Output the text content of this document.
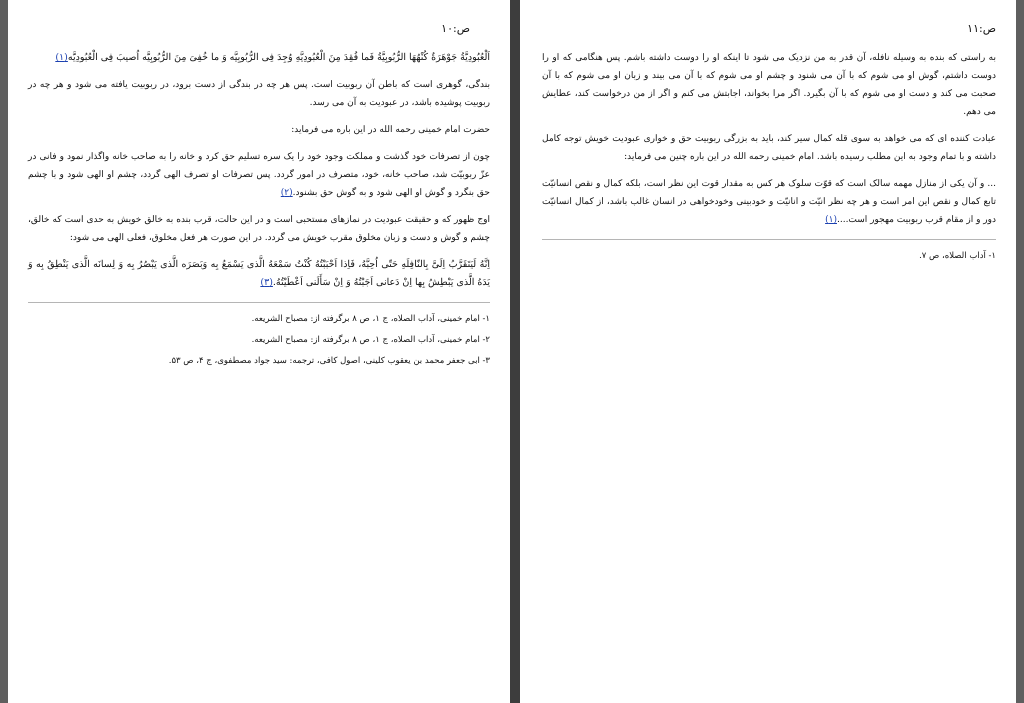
ص:۱۰

اَلْعُبُودِيَّةُ جَوْهَرَةٌ كُنْهُهَا الرُّبُوبِيَّةُ فَما فُقِدَ مِنَ الْعُبُودِيَّهِ وُجِدَ فِى الرُّبُوبِيَّه وَ ما خُفِىَ مِنَ الرُّبُوبِيَّه اُصيبَ فِى الْعُبُودِيَّه(۱)

بندگی، گوهری است که باطن آن ربوبیت است. پس هر چه در بندگی از دست برود، در ربوبیت یافته می شود و هر چه در ربوبیت پوشیده باشد، در عبودیت به آن می رسد.

حضرت امام خمینی رحمه الله در این باره می فرماید:

چون از تصرفات خود گذشت و مملکت وجود خود را یک سره تسلیم حق کرد و خانه را به صاحب خانه واگذار نمود و فانی در عزّ ربوبیّت شد، صاحب خانه، خود، متصرف در امور گردد. پس تصرفات او تصرف الهی گردد، چشم او الهی شود و با چشم حق بنگرد و گوش او الهی شود و به گوش حق بشنود.(۲)

اوج ظهور که و حقیقت عبودیت در نمازهای مستحبی است و در این حالت، قرب بنده به خالق خویش به حدی است که خالق، چشم و گوش و دست و زبان مخلوق مقرب خویش می گردد. در این صورت هر فعل مخلوق، فعلی الهی می شود:

اِنَّهُ لَيَتَقَرَّبُ اِلَىَّ بِالنّافِلَهِ حَتّى اُحِبَّهُ، فَاِذا اَحْبَبْتُهُ كُنْتُ سَمْعَهُ الَّذى يَسْمَعُ بِه وَبَصَرَه الَّذى يَبْصُرُ بِه وَ لِسانَه الَّذى يَنْطِقُ بِه وَ يَدَهُ الَّذى يَبْطِشُ بِها اِنْ دَعانى اَجَبْتُهُ وَ اِنْ سَأَلَنى اَعْطَيْتُهُ.(۳)

۱- امام خمینی، آداب الصلاه، ج ۱، ص ۸ برگرفته از: مصباح الشریعه.

۲- امام خمینی، آداب الصلاه، ج ۱، ص ۸ برگرفته از: مصباح الشریعه.

۳- ابی جعفر محمد بن یعقوب کلینی، اصول کافی، ترجمه: سید جواد مصطفوی، ج ۴، ص ۵۳.

ص:۱۱

به راستی که بنده به وسیله نافله، آن قدر به من نزدیک می شود تا اینکه او را دوست داشته باشم. پس هنگامی که او را دوست داشتم، گوش او می شوم که با آن می شنود و چشم او می شوم که با آن می بیند و زبان او می شوم که با آن صحبت می کند و دست او می شوم که با آن بگیرد. اگر مرا بخواند، اجابتش می کنم و اگر از من درخواست کند، عطایش می دهم.

عبادت کننده ای که می خواهد به سوی قله کمال سیر کند، باید به بزرگی ربوبیت حق و خواری عبودیت خویش توجه کامل داشته و با تمام وجود به این مطلب رسیده باشد. امام خمینی رحمه الله در این باره چنین می فرماید:

... و آن یکی از منازل مهمه سالک است که قوّت سلوک هر کس به مقدار قوت این نظر است، بلکه کمال و نقص انسانیّت تابع کمال و نقص این امر است و هر چه نظر انیّت و انانیّت و خودبینی وخودخواهی در انسان غالب باشد، از کمال انسانیّت دور و از مقام قرب ربوبیت مهجور است....(۱)

۱- آداب الصلاه، ص ۷.
